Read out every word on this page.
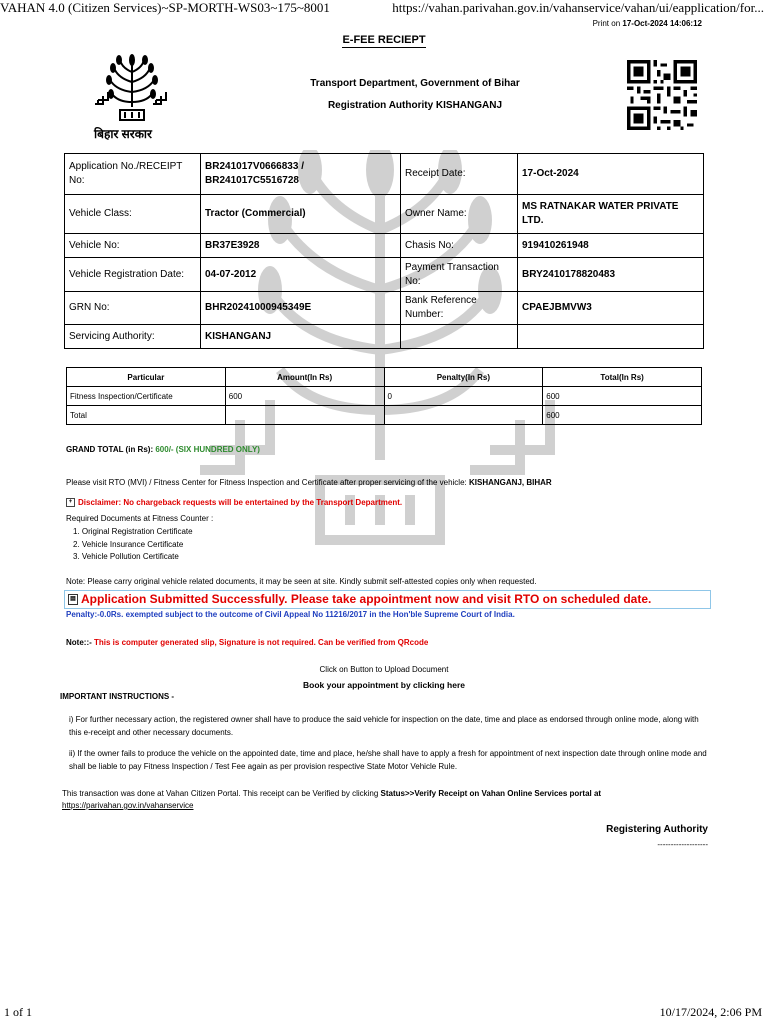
VAHAN 4.0 (Citizen Services)~SP-MORTH-WS03~175~8001	https://vahan.parivahan.gov.in/vahanservice/vahan/ui/eapplication/for...
1 of 1	10/17/2024, 2:06 PM
Print on 17-Oct-2024 14:06:12
E-FEE RECIEPT
बिहार सरकार
Transport Department, Government of Bihar
Registration Authority KISHANGANJ
Application No./RECEIPT No:	BR241017V0666833 /
BR241017C5516728	Receipt Date:	17-Oct-2024
Vehicle Class:	Tractor (Commercial)	Owner Name:	MS RATNAKAR WATER PRIVATE
LTD.
Vehicle No:	BR37E3928	Chasis No:	919410261948
Vehicle Registration Date:	04-07-2012	Payment Transaction No:	BRY2410178820483
GRN No:	BHR20241000945349E	Bank Reference Number:	CPAEJBMVW3
Servicing Authority:	KISHANGANJ		
Particular	Amount(In Rs)	Penalty(In Rs)	Total(In Rs)
Fitness Inspection/Certificate	600	0	600
Total			600
GRAND TOTAL (in Rs): 600/- (SIX HUNDRED ONLY)
Please visit RTO (MVI) / Fitness Center for Fitness Inspection and Certificate after proper servicing of the vehicle: KISHANGANJ, BIHAR
+ Disclaimer: No chargeback requests will be entertained by the Transport Department.
Required Documents at Fitness Counter :
1. Original Registration Certificate
2. Vehicle Insurance Certificate
3. Vehicle Pollution Certificate
Note: Please carry original vehicle related documents, it may be seen at site. Kindly submit self-attested copies only when requested.
▤ Application Submitted Successfully. Please take appointment now and visit RTO on scheduled date.
Penalty:-0.0Rs. exempted subject to the outcome of Civil Appeal No 11216/2017 in the Hon'ble Supreme Court of India.
Note::- This is computer generated slip, Signature is not required. Can be verified from QRcode
Click on Button to Upload Document
Book your appointment by clicking here
IMPORTANT INSTRUCTIONS -
i) For further necessary action, the registered owner shall have to produce the said vehicle for inspection on the date, time and place as endorsed through online mode, along with this e-receipt and other necessary documents.
ii) If the owner fails to produce the vehicle on the appointed date, time and place, he/she shall have to apply a fresh for appointment of next inspection date through online mode and shall be liable to pay Fitness Inspection / Test Fee again as per provision respective State Motor Vehicle Rule.
This transaction was done at Vahan Citizen Portal. This receipt can be Verified by clicking Status>>Verify Receipt on Vahan Online Services portal at
https://parivahan.gov.in/vahanservice
Registering Authority
-------------------
